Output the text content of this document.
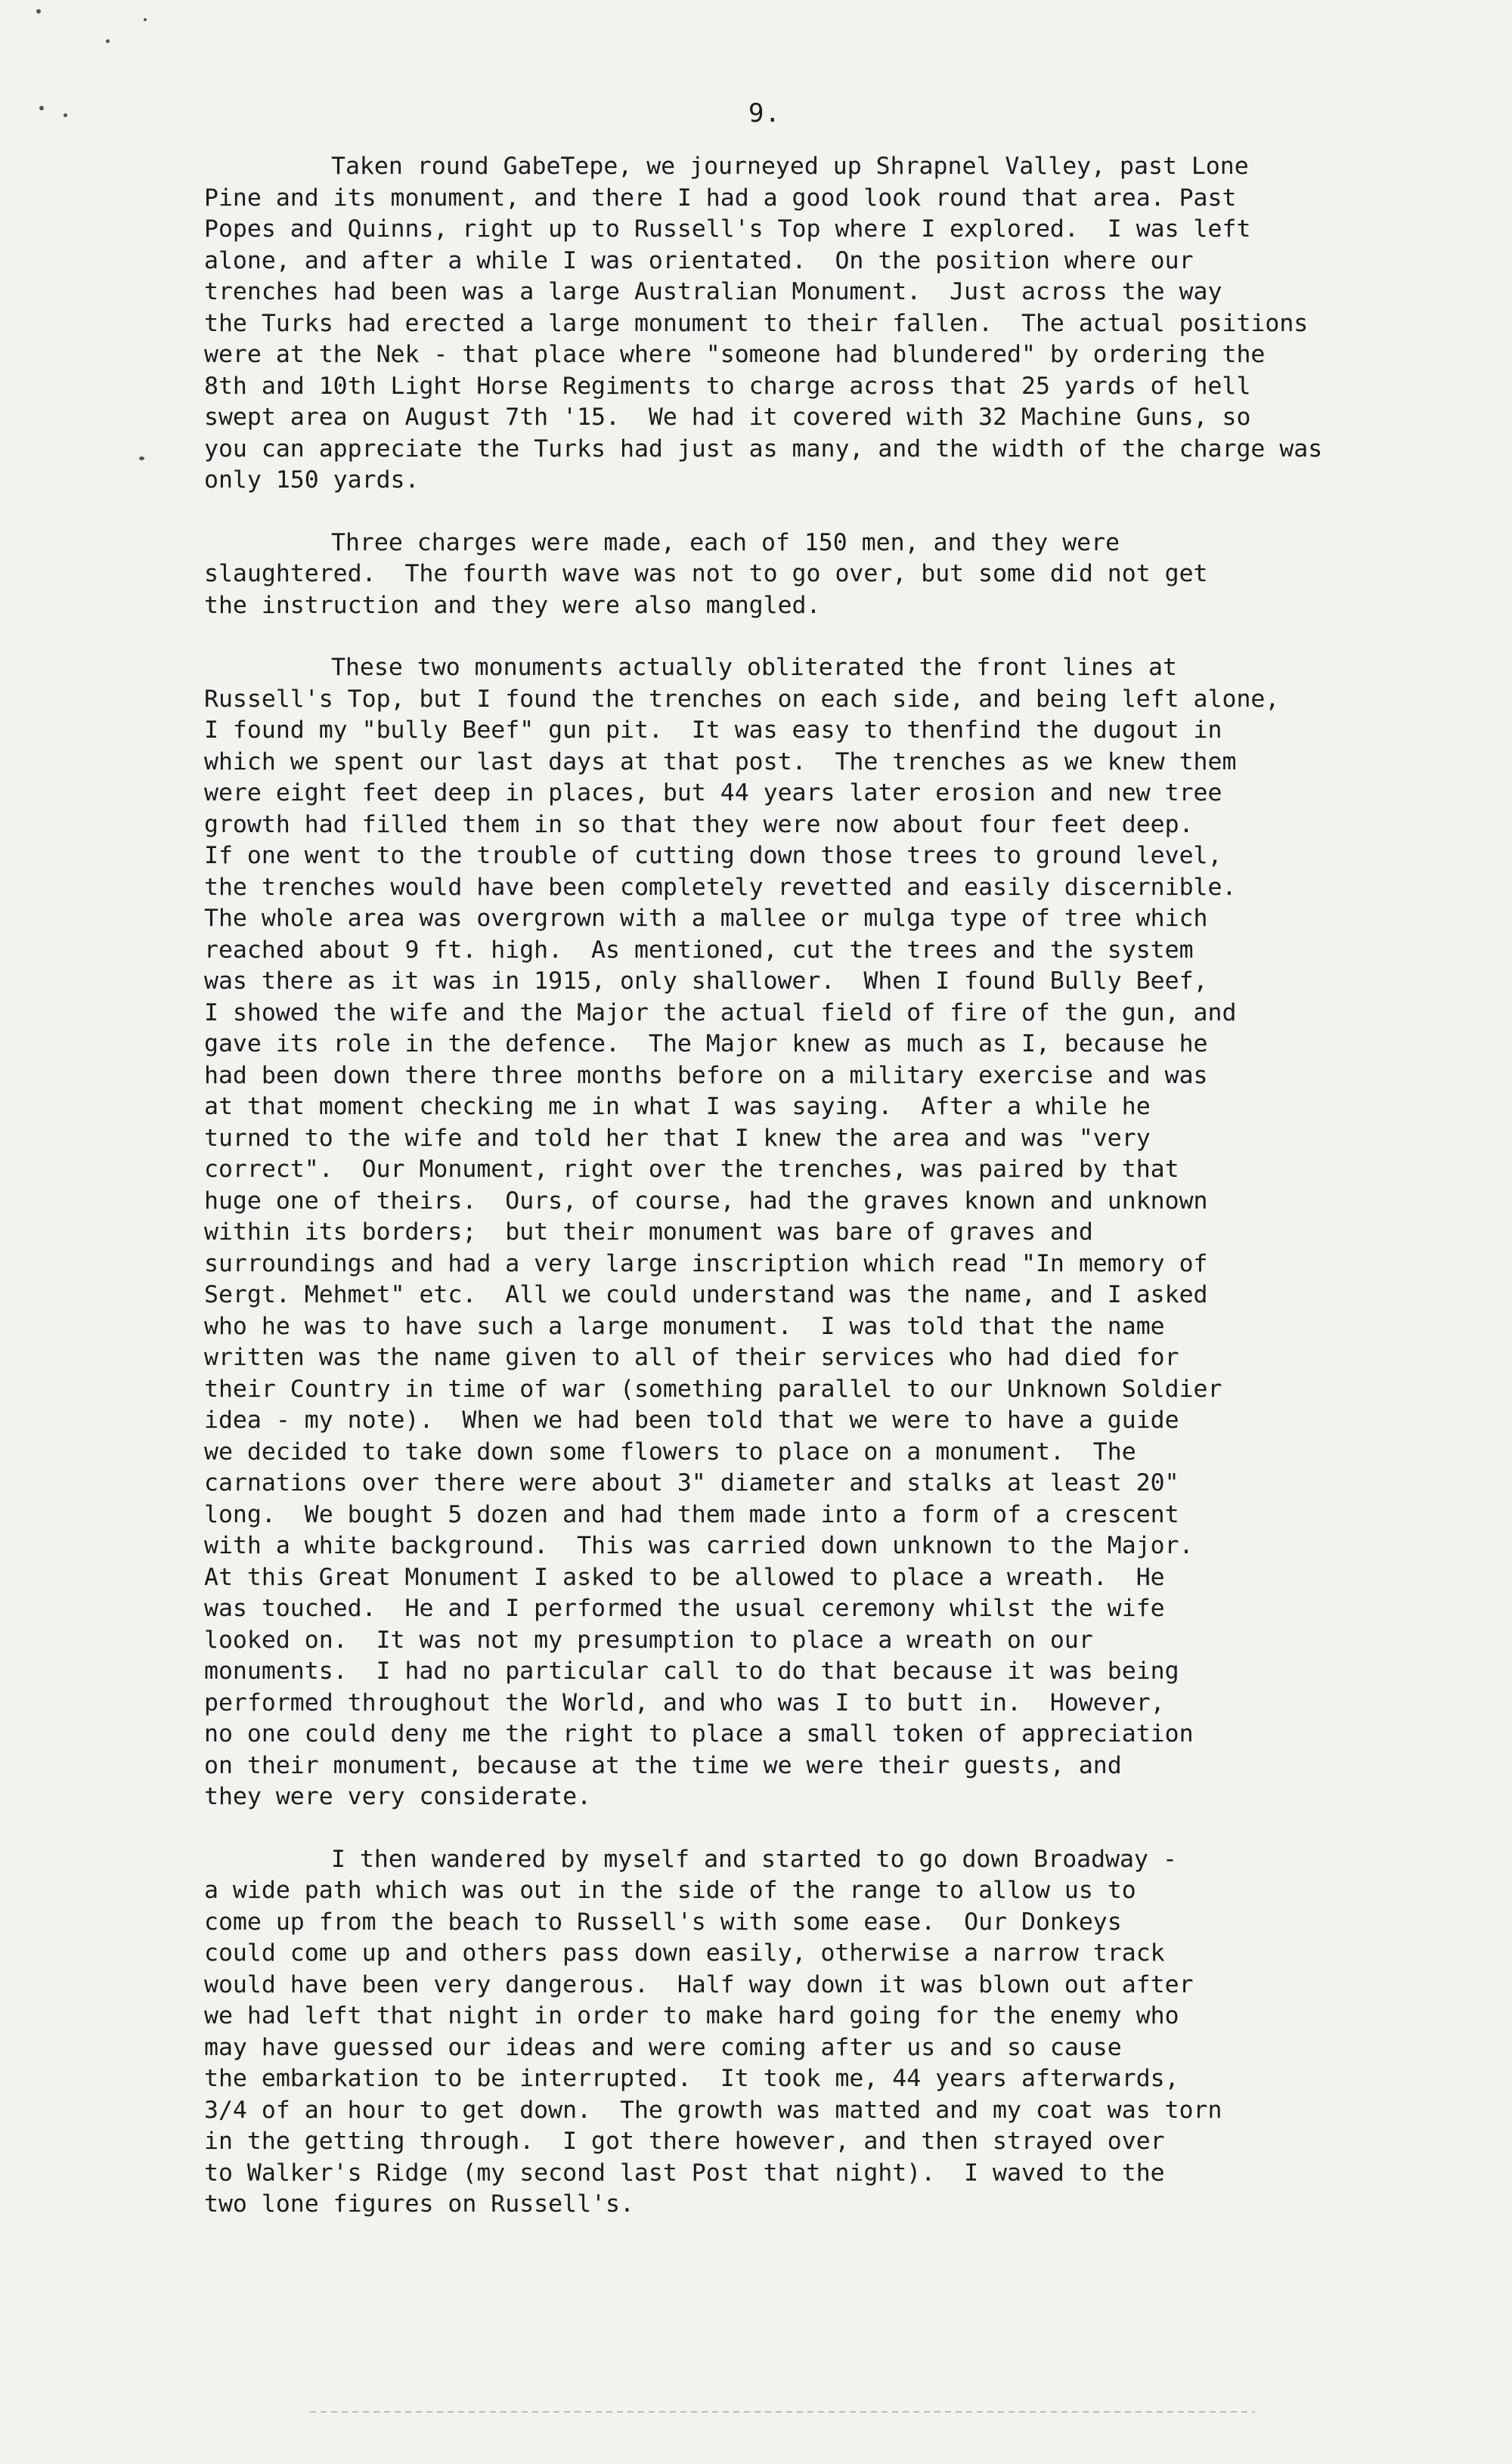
9.
Taken round GabeTepe, we journeyed up Shrapnel Valley, past Lone
Pine and its monument, and there I had a good look round that area. Past
Popes and Quinns, right up to Russell's Top where I explored.  I was left
alone, and after a while I was orientated.  On the position where our
trenches had been was a large Australian Monument.  Just across the way
the Turks had erected a large monument to their fallen.  The actual positions
were at the Nek - that place where "someone had blundered" by ordering the
8th and 10th Light Horse Regiments to charge across that 25 yards of hell
swept area on August 7th '15.  We had it covered with 32 Machine Guns, so
you can appreciate the Turks had just as many, and the width of the charge was
only 150 yards.
Three charges were made, each of 150 men, and they were
slaughtered.  The fourth wave was not to go over, but some did not get
the instruction and they were also mangled.
These two monuments actually obliterated the front lines at
Russell's Top, but I found the trenches on each side, and being left alone,
I found my "bully Beef" gun pit.  It was easy to thenfind the dugout in
which we spent our last days at that post.  The trenches as we knew them
were eight feet deep in places, but 44 years later erosion and new tree
growth had filled them in so that they were now about four feet deep.
If one went to the trouble of cutting down those trees to ground level,
the trenches would have been completely revetted and easily discernible.
The whole area was overgrown with a mallee or mulga type of tree which
reached about 9 ft. high.  As mentioned, cut the trees and the system
was there as it was in 1915, only shallower.  When I found Bully Beef,
I showed the wife and the Major the actual field of fire of the gun, and
gave its role in the defence.  The Major knew as much as I, because he
had been down there three months before on a military exercise and was
at that moment checking me in what I was saying.  After a while he
turned to the wife and told her that I knew the area and was "very
correct".  Our Monument, right over the trenches, was paired by that
huge one of theirs.  Ours, of course, had the graves known and unknown
within its borders;  but their monument was bare of graves and
surroundings and had a very large inscription which read "In memory of
Sergt. Mehmet" etc.  All we could understand was the name, and I asked
who he was to have such a large monument.  I was told that the name
written was the name given to all of their services who had died for
their Country in time of war (something parallel to our Unknown Soldier
idea - my note).  When we had been told that we were to have a guide
we decided to take down some flowers to place on a monument.  The
carnations over there were about 3" diameter and stalks at least 20"
long.  We bought 5 dozen and had them made into a form of a crescent
with a white background.  This was carried down unknown to the Major.
At this Great Monument I asked to be allowed to place a wreath.  He
was touched.  He and I performed the usual ceremony whilst the wife
looked on.  It was not my presumption to place a wreath on our
monuments.  I had no particular call to do that because it was being
performed throughout the World, and who was I to butt in.  However,
no one could deny me the right to place a small token of appreciation
on their monument, because at the time we were their guests, and
they were very considerate.
I then wandered by myself and started to go down Broadway -
a wide path which was out in the side of the range to allow us to
come up from the beach to Russell's with some ease.  Our Donkeys
could come up and others pass down easily, otherwise a narrow track
would have been very dangerous.  Half way down it was blown out after
we had left that night in order to make hard going for the enemy who
may have guessed our ideas and were coming after us and so cause
the embarkation to be interrupted.  It took me, 44 years afterwards,
3/4 of an hour to get down.  The growth was matted and my coat was torn
in the getting through.  I got there however, and then strayed over
to Walker's Ridge (my second last Post that night).  I waved to the
two lone figures on Russell's.
